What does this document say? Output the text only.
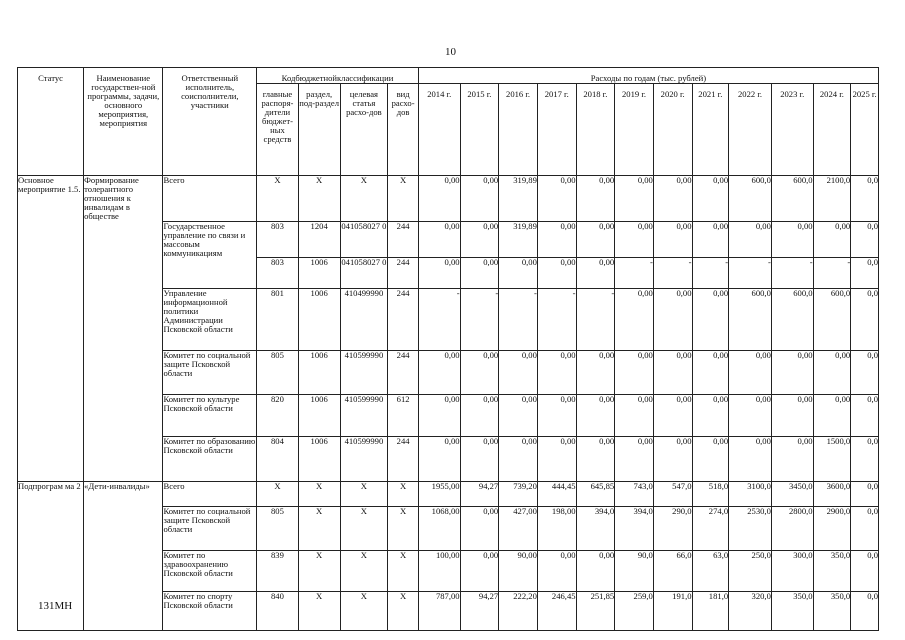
10
Статус	Наименование государствен-ной программы, задачи, основного мероприятия, мероприятия	Ответственный исполнитель, соисполнители, участники	Кодбюджетнойклассификации				Расходы по годам (тыс. рублей)											
			главные распоря-дители бюджет-ных средств	раздел, под-раздел	целевая статья расхо-дов	вид расхо-дов	2014 г.	2015 г.	2016 г.	2017 г.	2018 г.	2019 г.	2020 г.	2021 г.	2022 г.	2023 г.	2024 г.	2025 г.
Основное мероприятие 1.5.	Формирование толерантного отношения к инвалидам в обществе	Всего	X	X	X	X	0,00	0,00	319,89	0,00	0,00	0,00	0,00	0,00	600,0	600,0	2100,0	0,0
		Государственное управление по связи и массовым коммуникациям	803	1204	041058027 0	244	0,00	0,00	319,89	0,00	0,00	0,00	0,00	0,00	0,00	0,00	0,00	0,0
			803	1006	041058027 0	244	0,00	0,00	0,00	0,00	0,00	-	-	-	-	-	-	0,0
		Управление информационной политики Администрации Псковской области	801	1006	410499990	244	-	-	-	-	-	0,00	0,00	0,00	600,0	600,0	600,0	0,0
		Комитет по социальной защите Псковской области	805	1006	410599990	244	0,00	0,00	0,00	0,00	0,00	0,00	0,00	0,00	0,00	0,00	0,00	0,0
		Комитет по культуре Псковской области	820	1006	410599990	612	0,00	0,00	0,00	0,00	0,00	0,00	0,00	0,00	0,00	0,00	0,00	0,0
		Комитет по образованию Псковской области	804	1006	410599990	244	0,00	0,00	0,00	0,00	0,00	0,00	0,00	0,00	0,00	0,00	1500,0	0,0
Подпрограм ма 2	«Дети-инвалиды»	Всего	X	X	X	X	1955,00	94,27	739,20	444,45	645,85	743,0	547,0	518,0	3100,0	3450,0	3600,0	0,0
		Комитет по социальной защите Псковской области	805	X	X	X	1068,00	0,00	427,00	198,00	394,0	394,0	290,0	274,0	2530,0	2800,0	2900,0	0,0
		Комитет по здравоохранению Псковской области	839	X	X	X	100,00	0,00	90,00	0,00	0,00	90,0	66,0	63,0	250,0	300,0	350,0	0,0
		Комитет по спорту Псковской области	840	X	X	X	787,00	94,27	222,20	246,45	251,85	259,0	191,0	181,0	320,0	350,0	350,0	0,0
131МН
